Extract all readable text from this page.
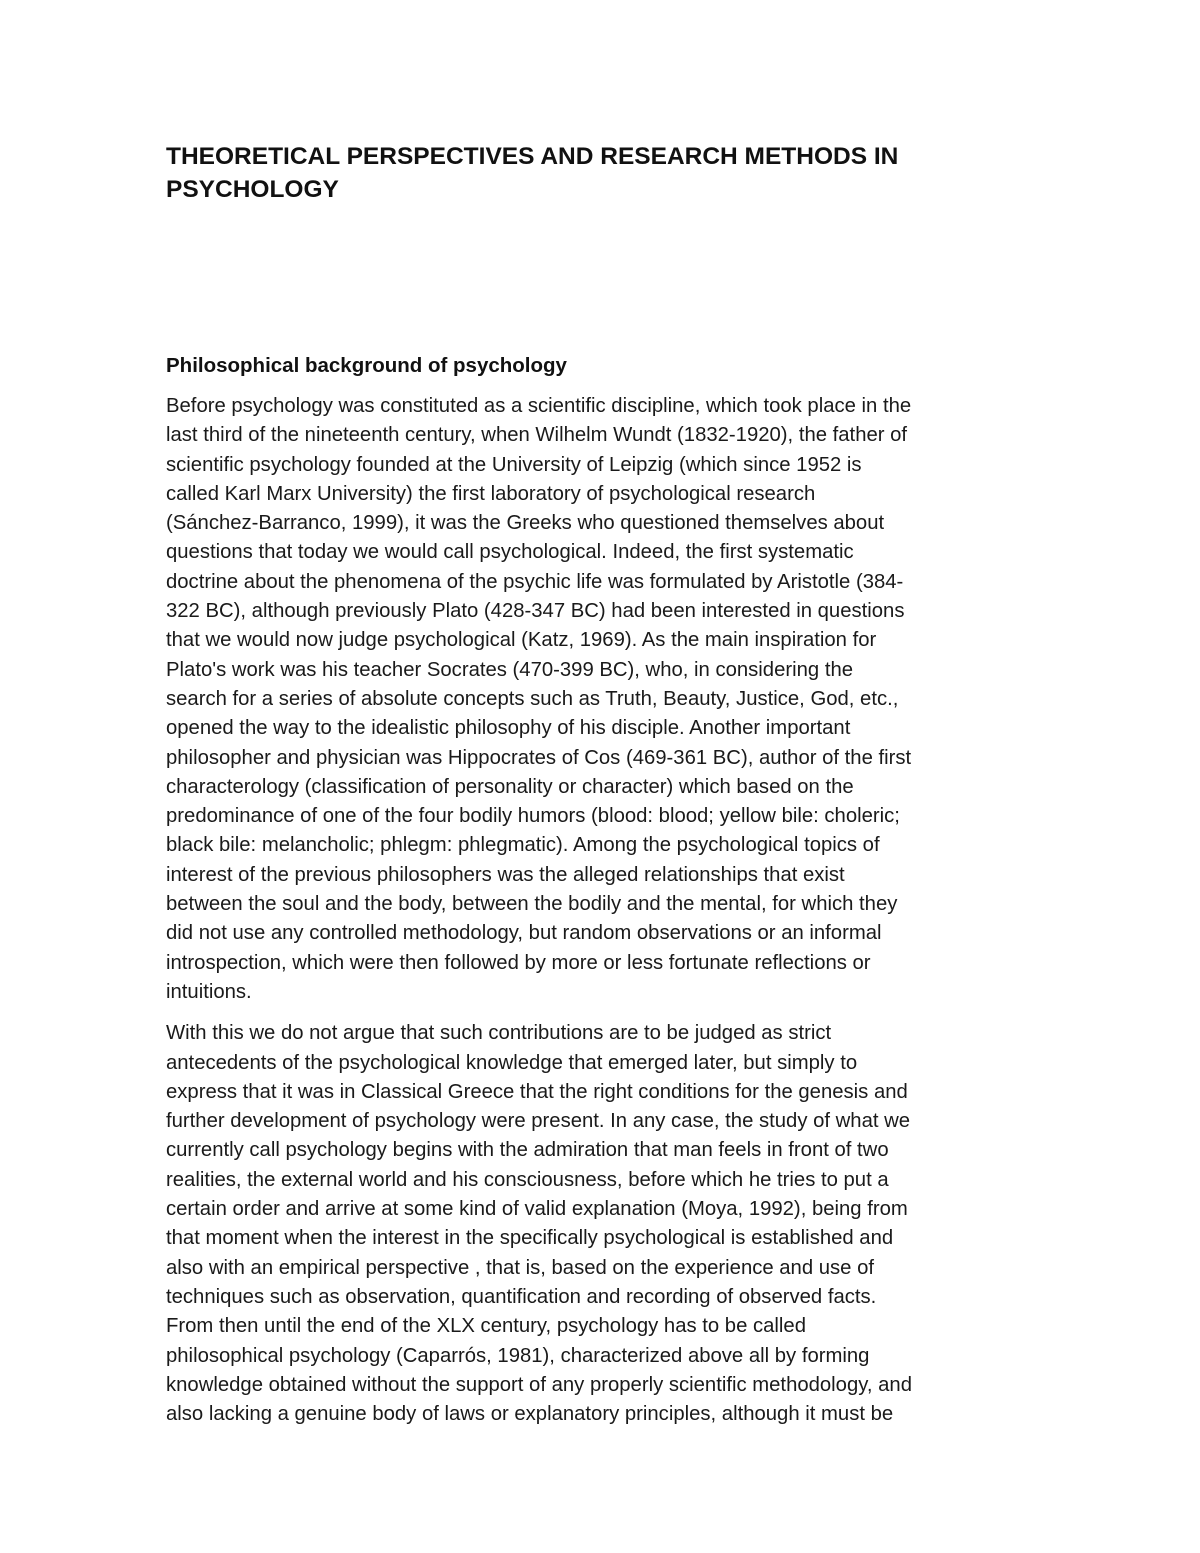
THEORETICAL PERSPECTIVES AND RESEARCH METHODS IN
PSYCHOLOGY
Philosophical background of psychology

Before psychology was constituted as a scientific discipline, which took place in the
last third of the nineteenth century, when Wilhelm Wundt (1832-1920), the father of
scientific psychology founded at the University of Leipzig (which since 1952 is
called Karl Marx University) the first laboratory of psychological research
(Sánchez-Barranco, 1999), it was the Greeks who questioned themselves about
questions that today we would call psychological. Indeed, the first systematic
doctrine about the phenomena of the psychic life was formulated by Aristotle (384-
322 BC), although previously Plato (428-347 BC) had been interested in questions
that we would now judge psychological (Katz, 1969). As the main inspiration for
Plato's work was his teacher Socrates (470-399 BC), who, in considering the
search for a series of absolute concepts such as Truth, Beauty, Justice, God, etc.,
opened the way to the idealistic philosophy of his disciple. Another important
philosopher and physician was Hippocrates of Cos (469-361 BC), author of the first
characterology (classification of personality or character) which based on the
predominance of one of the four bodily humors (blood: blood; yellow bile: choleric;
black bile: melancholic; phlegm: phlegmatic). Among the psychological topics of
interest of the previous philosophers was the alleged relationships that exist
between the soul and the body, between the bodily and the mental, for which they
did not use any controlled methodology, but random observations or an informal
introspection, which were then followed by more or less fortunate reflections or
intuitions.

With this we do not argue that such contributions are to be judged as strict
antecedents of the psychological knowledge that emerged later, but simply to
express that it was in Classical Greece that the right conditions for the genesis and
further development of psychology were present. In any case, the study of what we
currently call psychology begins with the admiration that man feels in front of two
realities, the external world and his consciousness, before which he tries to put a
certain order and arrive at some kind of valid explanation (Moya, 1992), being from
that moment when the interest in the specifically psychological is established and
also with an empirical perspective , that is, based on the experience and use of
techniques such as observation, quantification and recording of observed facts.
From then until the end of the XLX century, psychology has to be called
philosophical psychology (Caparrós, 1981), characterized above all by forming
knowledge obtained without the support of any properly scientific methodology, and
also lacking a genuine body of laws or explanatory principles, although it must be
